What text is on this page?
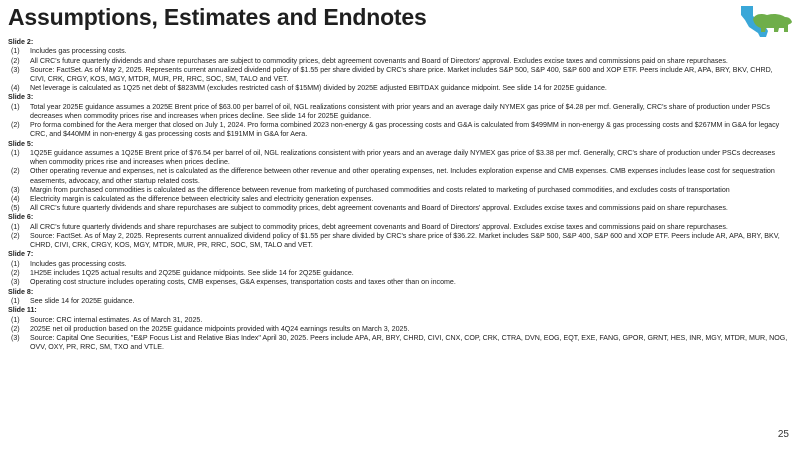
Assumptions, Estimates and Endnotes
Slide 2:
(1)	Includes gas processing costs.
(2)	All CRC's future quarterly dividends and share repurchases are subject to commodity prices, debt agreement covenants and Board of Directors' approval. Excludes excise taxes and commissions paid on share repurchases.
(3)	Source: FactSet. As of May 2, 2025. Represents current annualized dividend policy of $1.55 per share divided by CRC's share price. Market includes S&P 500, S&P 400, S&P 600 and XOP ETF. Peers include AR, APA, BRY, BKV, CHRD, CIVI, CRK, CRGY, KOS, MGY, MTDR, MUR, PR, RRC, SOC, SM, TALO and VET.
(4)	Net leverage is calculated as 1Q25 net debt of $823MM (excludes restricted cash of $15MM) divided by 2025E adjusted EBITDAX guidance midpoint. See slide 14 for 2025E guidance.
Slide 3:
(1)	Total year 2025E guidance assumes a 2025E Brent price of $63.00 per barrel of oil, NGL realizations consistent with prior years and an average daily NYMEX gas price of $4.28 per mcf. Generally, CRC's share of production under PSCs decreases when commodity prices rise and increases when prices decline. See slide 14 for 2025E guidance.
(2)	Pro forma combined for the Aera merger that closed on July 1, 2024. Pro forma combined 2023 non-energy & gas processing costs and G&A is calculated from $499MM in non-energy & gas processing costs and $267MM in G&A for legacy CRC, and $440MM in non-energy & gas processing costs and $191MM in G&A for Aera.
Slide 5:
(1)	1Q25E guidance assumes a 1Q25E Brent price of $76.54 per barrel of oil, NGL realizations consistent with prior years and an average daily NYMEX gas price of $3.38 per mcf. Generally, CRC's share of production under PSCs decreases when commodity prices rise and increases when prices decline.
(2)	Other operating revenue and expenses, net is calculated as the difference between other revenue and other operating expenses, net. Includes exploration expense and CMB expenses. CMB expenses includes lease cost for sequestration easements, advocacy, and other startup related costs.
(3)	Margin from purchased commodities is calculated as the difference between revenue from marketing of purchased commodities and costs related to marketing of purchased commodities, and excludes costs of transportation
(4)	Electricity margin is calculated as the difference between electricity sales and electricity generation expenses.
(5)	All CRC's future quarterly dividends and share repurchases are subject to commodity prices, debt agreement covenants and Board of Directors' approval. Excludes excise taxes and commissions paid on share repurchases.
Slide 6:
(1)	All CRC's future quarterly dividends and share repurchases are subject to commodity prices, debt agreement covenants and Board of Directors' approval. Excludes excise taxes and commissions paid on share repurchases.
(2)	Source: FactSet. As of May 2, 2025. Represents current annualized dividend policy of $1.55 per share divided by CRC's share price of $36.22. Market includes S&P 500, S&P 400, S&P 600 and XOP ETF. Peers include AR, APA, BRY, BKV, CHRD, CIVI, CRK, CRGY, KOS, MGY, MTDR, MUR, PR, RRC, SOC, SM, TALO and VET.
Slide 7:
(1)	Includes gas processing costs.
(2)	1H25E includes 1Q25 actual results and 2Q25E guidance midpoints. See slide 14 for 2Q25E guidance.
(3)	Operating cost structure includes operating costs, CMB expenses, G&A expenses, transportation costs and taxes other than on income.
Slide 8:
(1)	See slide 14 for 2025E guidance.
Slide 11:
(1)	Source: CRC internal estimates. As of March 31, 2025.
(2)	2025E net oil production based on the 2025E guidance midpoints provided with 4Q24 earnings results on March 3, 2025.
(3)	Source: Capital One Securities, "E&P Focus List and Relative Bias Index" April 30, 2025. Peers include APA, AR, BRY, CHRD, CIVI, CNX, COP, CRK, CTRA, DVN, EOG, EQT, EXE, FANG, GPOR, GRNT, HES, INR, MGY, MTDR, MUR, NOG, OVV, OXY, PR, RRC, SM, TXO and VTLE.
25
